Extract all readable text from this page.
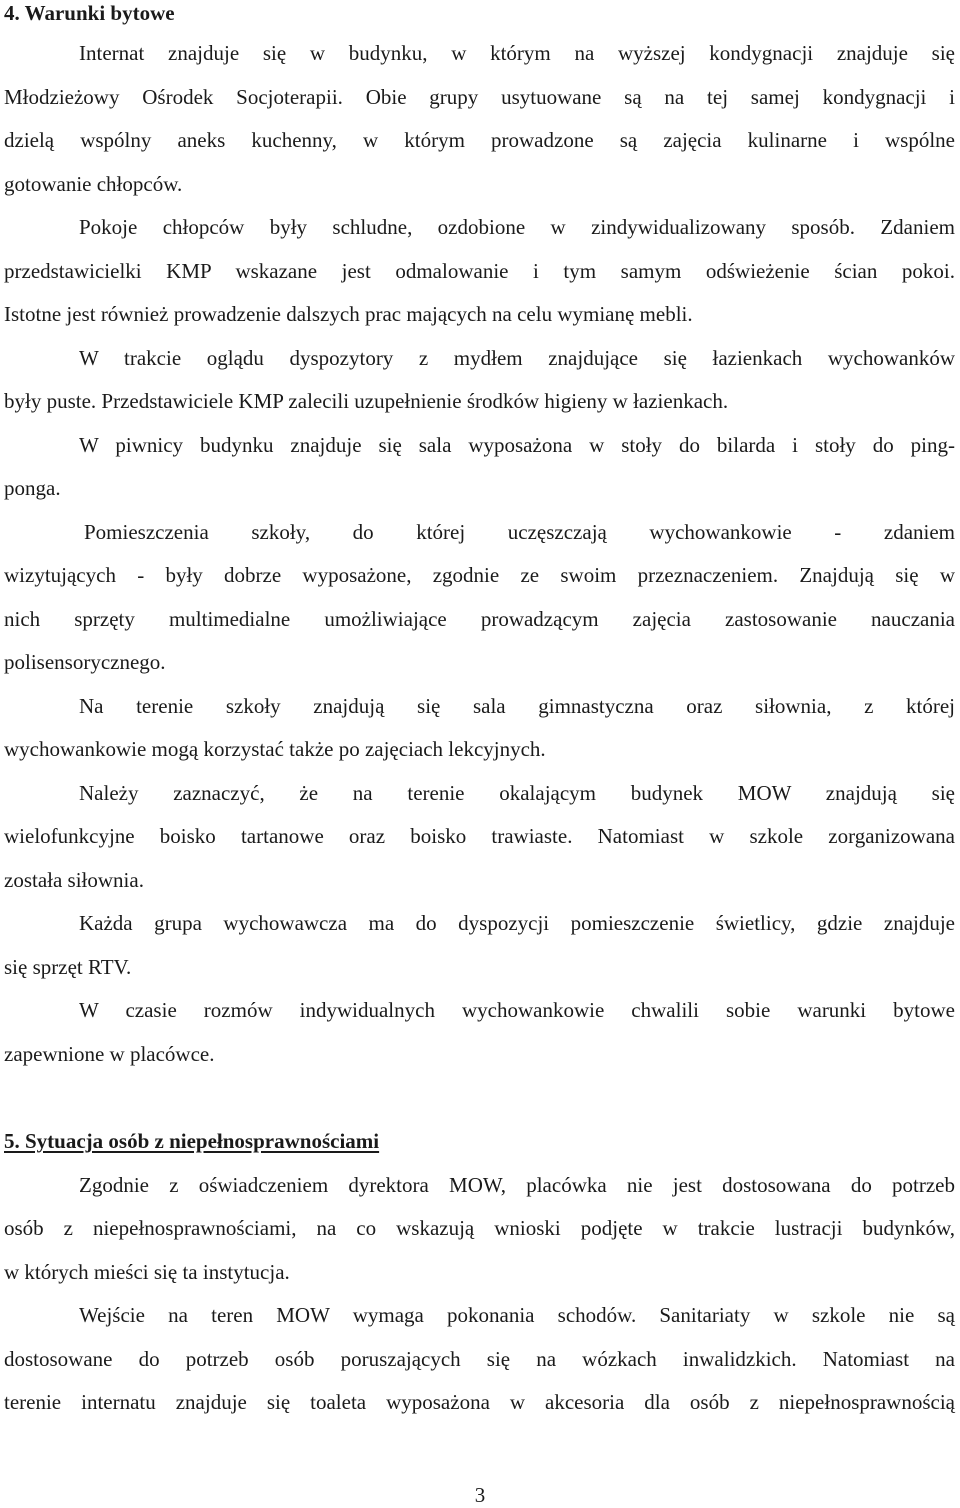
4. Warunki bytowe
Internat znajduje się w budynku, w którym na wyższej kondygnacji znajduje się
Młodzieżowy Ośrodek Socjoterapii. Obie grupy usytuowane są na tej samej kondygnacji i
dzielą wspólny aneks kuchenny, w którym prowadzone są zajęcia kulinarne i wspólne
gotowanie chłopców.
Pokoje chłopców były schludne, ozdobione w zindywidualizowany sposób. Zdaniem
przedstawicielki KMP wskazane jest odmalowanie i tym samym odświeżenie ścian pokoi.
Istotne jest również prowadzenie dalszych prac mających na celu wymianę mebli.
W trakcie oglądu dyspozytory z mydłem znajdujące się łazienkach wychowanków
były puste. Przedstawiciele KMP zalecili uzupełnienie środków higieny w łazienkach.
W piwnicy budynku znajduje się sala wyposażona w stoły do bilarda i stoły do ping-
ponga.
Pomieszczenia szkoły, do której uczęszczają wychowankowie - zdaniem
wizytujących - były dobrze wyposażone, zgodnie ze swoim przeznaczeniem. Znajdują się w
nich sprzęty multimedialne umożliwiające prowadzącym zajęcia zastosowanie nauczania
polisensorycznego.
Na terenie szkoły znajdują się sala gimnastyczna oraz siłownia, z której
wychowankowie mogą korzystać także po zajęciach lekcyjnych.
Należy zaznaczyć, że na terenie okalającym budynek MOW znajdują się
wielofunkcyjne boisko tartanowe oraz boisko trawiaste. Natomiast w szkole zorganizowana
została siłownia.
Każda grupa wychowawcza ma do dyspozycji pomieszczenie świetlicy, gdzie znajduje
się sprzęt RTV.
W czasie rozmów indywidualnych wychowankowie chwalili sobie warunki bytowe
zapewnione w placówce.
5. Sytuacja osób z niepełnosprawnościami
Zgodnie z oświadczeniem dyrektora MOW, placówka nie jest dostosowana do potrzeb
osób z niepełnosprawnościami, na co wskazują wnioski podjęte w trakcie lustracji budynków,
w których mieści się ta instytucja.
Wejście na teren MOW wymaga pokonania schodów. Sanitariaty w szkole nie są
dostosowane do potrzeb osób poruszających się na wózkach inwalidzkich. Natomiast na
terenie internatu znajduje się toaleta wyposażona w akcesoria dla osób z niepełnosprawnością
3
